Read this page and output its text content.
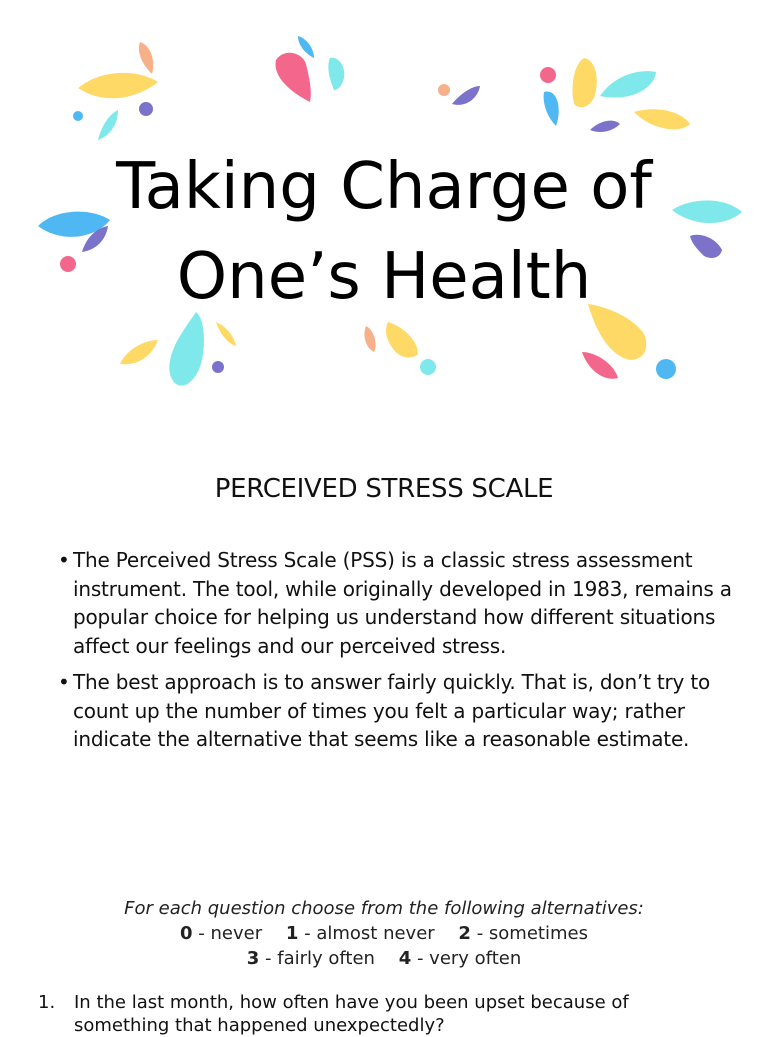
Taking Charge of
One’s Health
PERCEIVED STRESS SCALE
• The Perceived Stress Scale (PSS) is a classic stress assessment instrument. The tool, while originally developed in 1983, remains a popular choice for helping us understand how different situations affect our feelings and our perceived stress.
• The best approach is to answer fairly quickly. That is, don’t try to count up the number of times you felt a particular way; rather indicate the alternative that seems like a reasonable estimate.
For each question choose from the following alternatives:
0 - never 1 - almost never 2 - sometimes
3 - fairly often 4 - very often
1.	In the last month, how often have you been upset because of something that happened unexpectedly?
